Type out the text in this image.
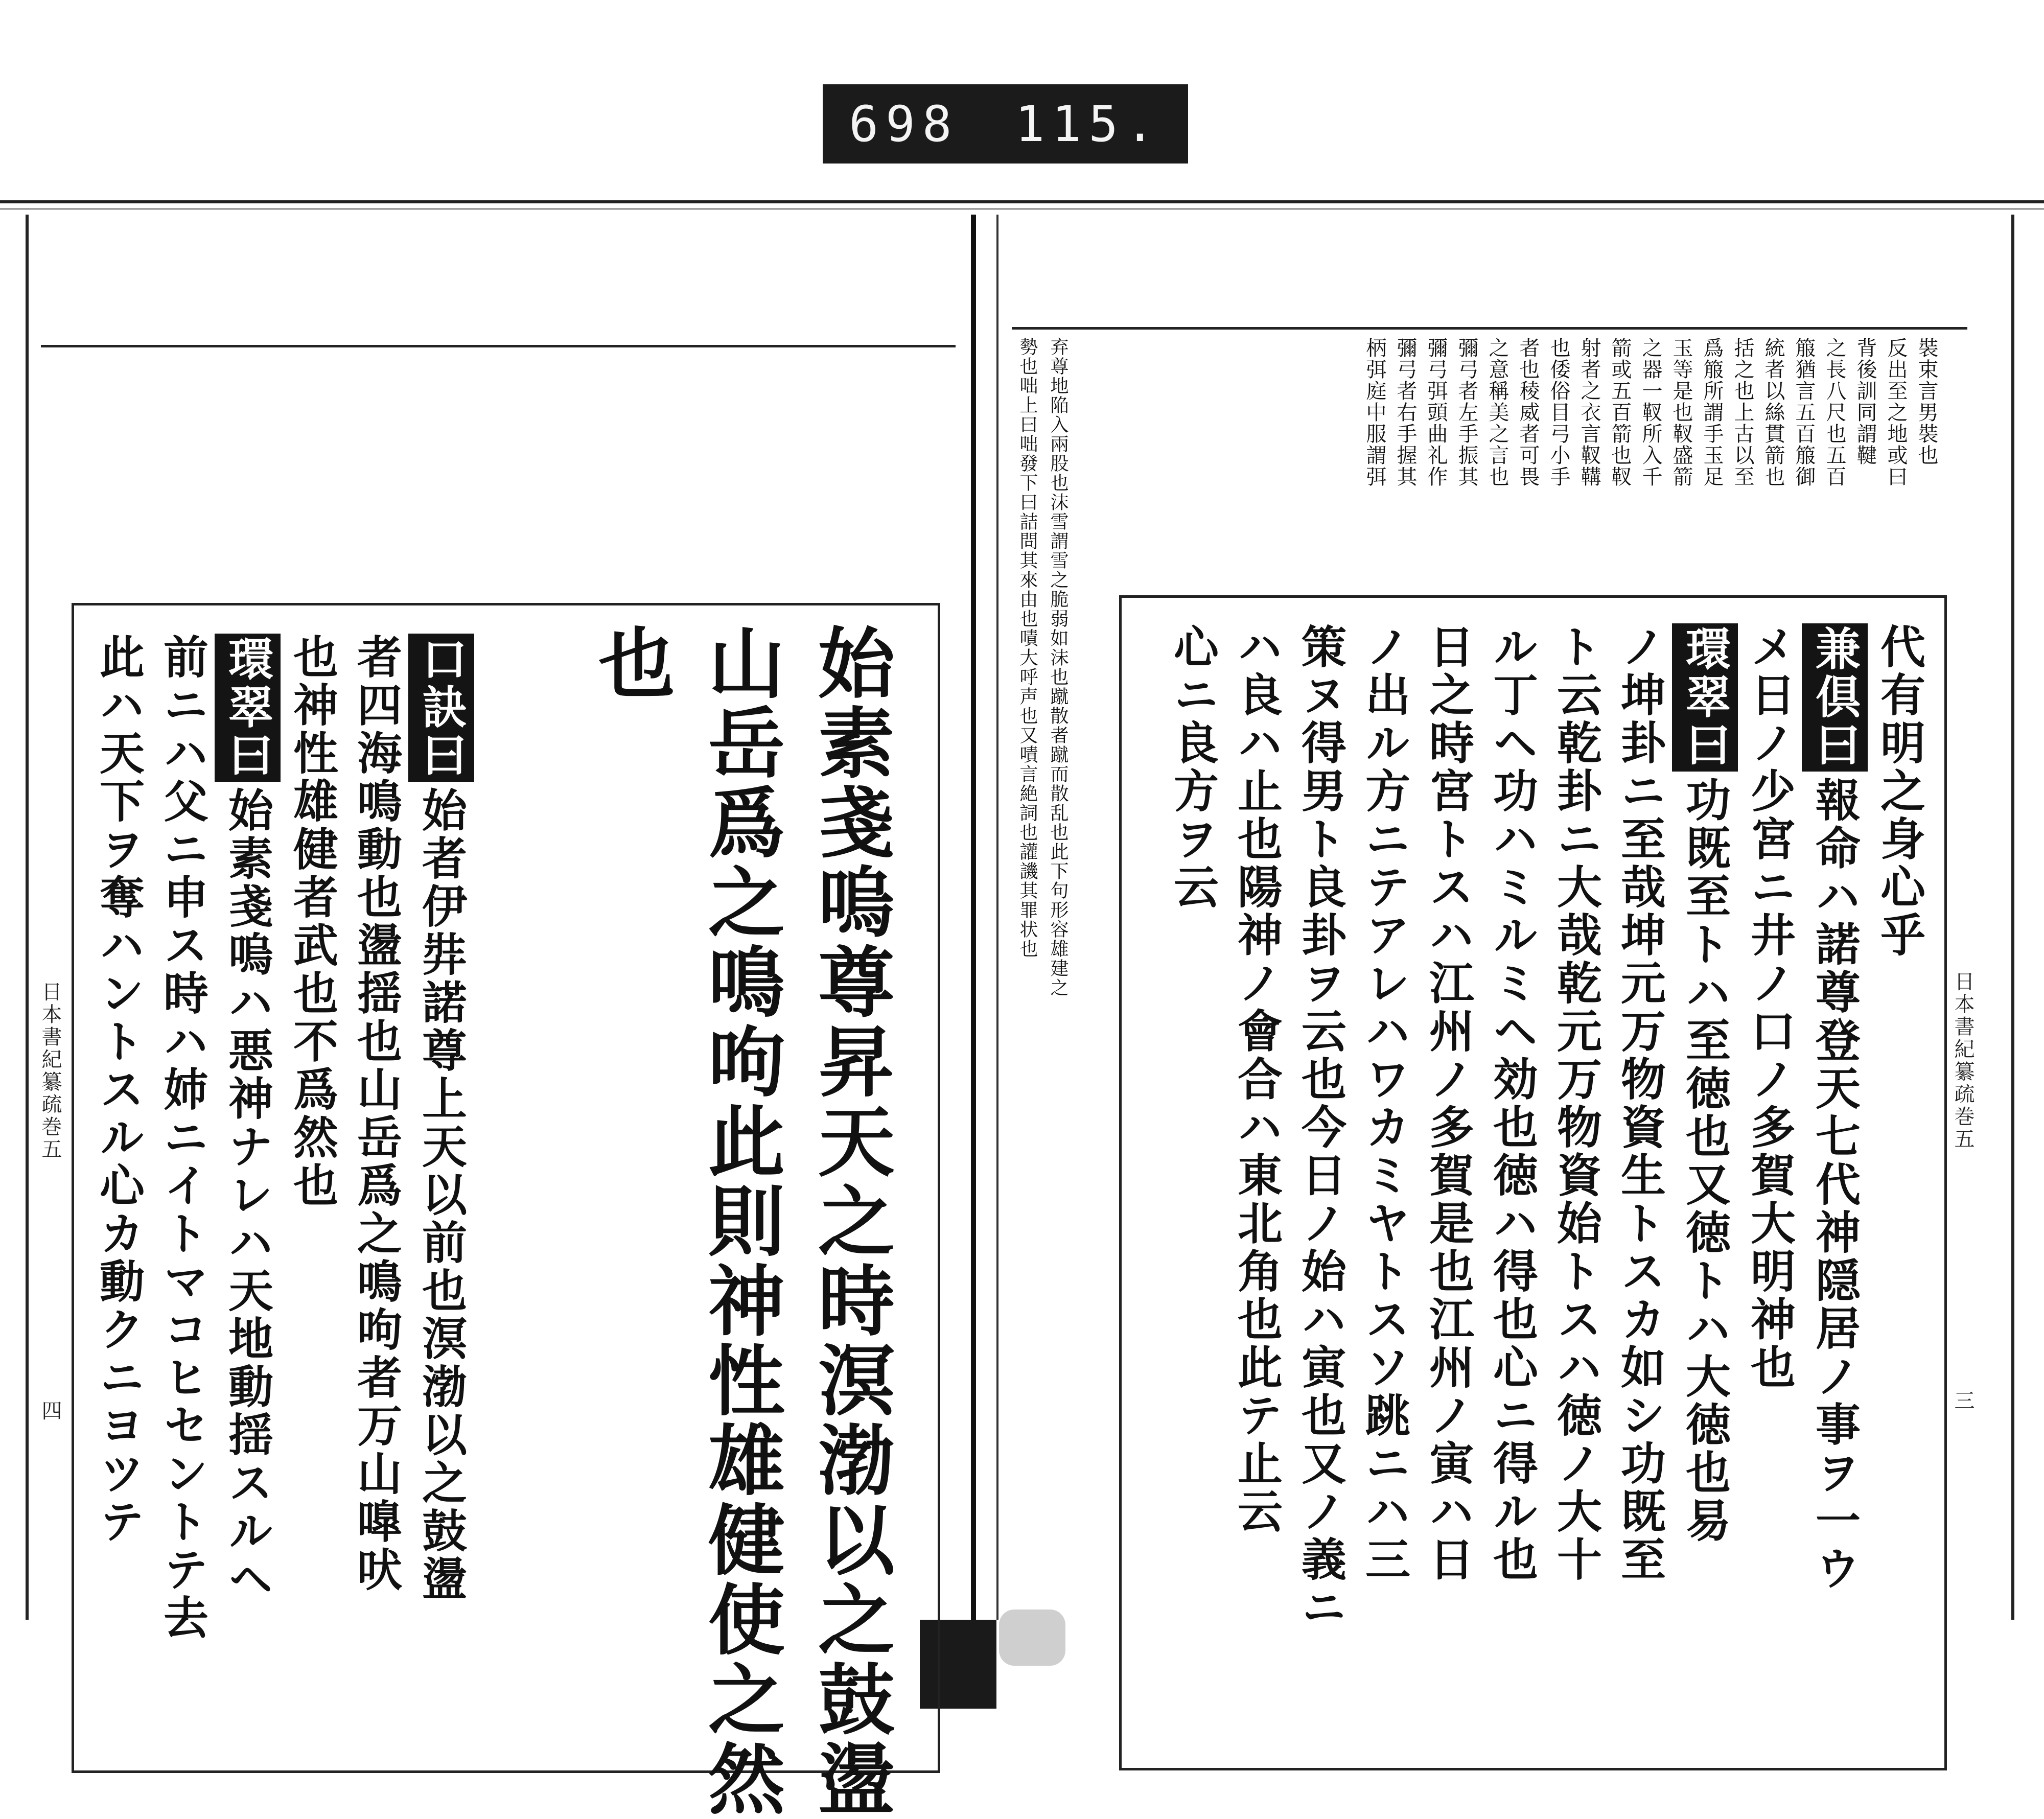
698 115.
日本書紀纂疏巻五
四	始素戔嗚尊昇天之時溟渤以之鼓盪
山岳爲之鳴呴此則神性雄健使之然
也
口訣曰始者伊弉諾尊上天以前也溟渤以之鼓盪
者四海鳴動也盪揺也山岳爲之鳴呴者万山嘷吠
也神性雄健者武也不爲然也
環翠曰始素戔嗚ハ悪神ナレハ天地動揺スルヘ
前ニハ父ニ申ス時ハ姉ニイトマコヒセントテ去
此ハ天下ヲ奪ハントスル心カ動クニヨツテ	日本書紀纂疏巻五
三
裝束言男裝也
反出至之地或曰
背後訓同謂鞬
之長八尺也五百
箙猶言五百箙御
統者以絲貫箭也
括之也上古以至
爲箙所謂手玉足
玉等是也靫盛箭
之器一靫所入千
箭或五百箭也靫
射者之衣言靫鞲
也倭俗目弓小手
者也稜威者可畏
之意稱美之言也
彌弓者左手振其
彌弓弭頭曲礼作
彌弓者右手握其
柄弭庭中服謂弭
弃尊地陥入兩股也沫雪謂雪之脆弱如沫也蹴散者蹴而散乱也此下句形容雄建之
勢也咄上曰咄發下曰詰問其來由也嘖大呼声也又嘖言絶詞也讙譏其罪状也	代有明之身心乎
兼倶曰報命ハ諾尊登天七代神隠居ノ事ヲ一ウ
メ日ノ少宮ニ井ノ口ノ多賀大明神也
環翠曰功既至トハ至徳也又徳トハ大徳也易
ノ坤卦ニ至哉坤元万物資生トスカ如シ功既至
ト云乾卦ニ大哉乾元万物資始トスハ徳ノ大十
ル丁ヘ功ハミルミヘ効也徳ハ得也心ニ得ル也
日之時宮トスハ江州ノ多賀是也江州ノ寅ハ日
ノ出ル方ニテアレハワカミヤトスソ跳ニハ三
策ヌ得男ト良卦ヲ云也今日ノ始ハ寅也又ノ義ニ
ハ良ハ止也陽神ノ會合ハ東北角也此テ止云
心ニ良方ヲ云
